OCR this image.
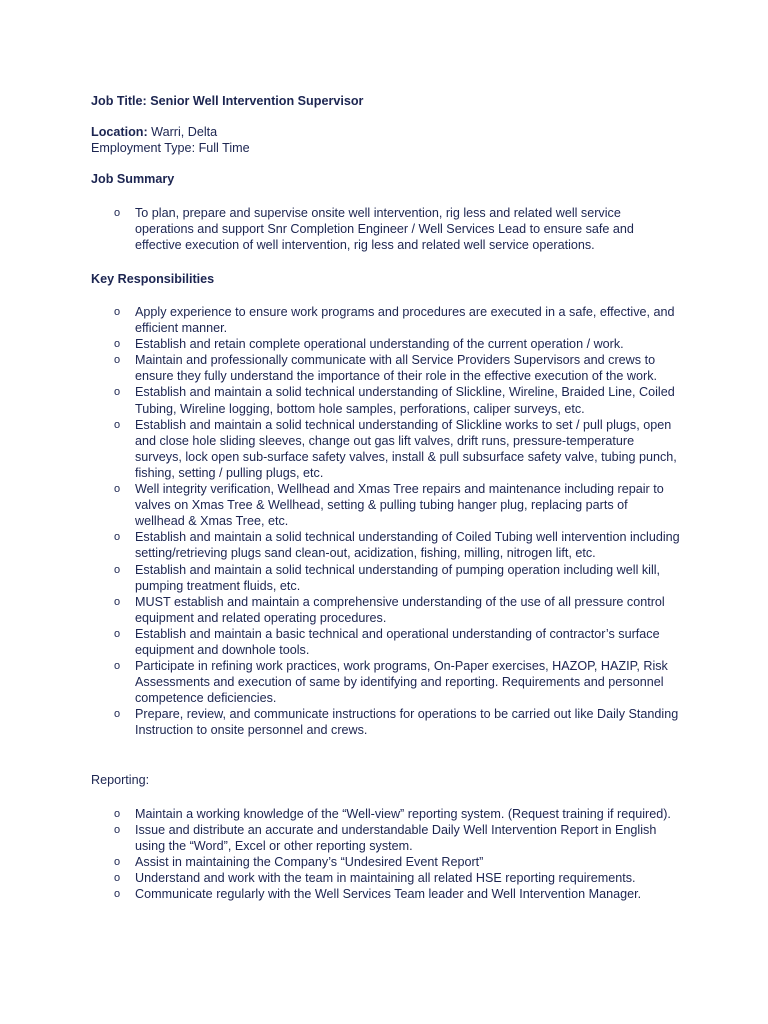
Job Title: Senior Well Intervention Supervisor
Location: Warri, Delta
Employment Type: Full Time
Job Summary
o To plan, prepare and supervise onsite well intervention, rig less and related well service operations and support Snr Completion Engineer / Well Services Lead to ensure safe and effective execution of well intervention, rig less and related well service operations.
Key Responsibilities
o Apply experience to ensure work programs and procedures are executed in a safe, effective, and efficient manner.
o Establish and retain complete operational understanding of the current operation / work.
o Maintain and professionally communicate with all Service Providers Supervisors and crews to ensure they fully understand the importance of their role in the effective execution of the work.
o Establish and maintain a solid technical understanding of Slickline, Wireline, Braided Line, Coiled Tubing, Wireline logging, bottom hole samples, perforations, caliper surveys, etc.
o Establish and maintain a solid technical understanding of Slickline works to set / pull plugs, open and close hole sliding sleeves, change out gas lift valves, drift runs, pressure-temperature surveys, lock open sub-surface safety valves, install & pull subsurface safety valve, tubing punch, fishing, setting / pulling plugs, etc.
o Well integrity verification, Wellhead and Xmas Tree repairs and maintenance including repair to valves on Xmas Tree & Wellhead, setting & pulling tubing hanger plug, replacing parts of wellhead & Xmas Tree, etc.
o Establish and maintain a solid technical understanding of Coiled Tubing well intervention including setting/retrieving plugs sand clean-out, acidization, fishing, milling, nitrogen lift, etc.
o Establish and maintain a solid technical understanding of pumping operation including well kill, pumping treatment fluids, etc.
o MUST establish and maintain a comprehensive understanding of the use of all pressure control equipment and related operating procedures.
o Establish and maintain a basic technical and operational understanding of contractor’s surface equipment and downhole tools.
o Participate in refining work practices, work programs, On-Paper exercises, HAZOP, HAZIP, Risk Assessments and execution of same by identifying and reporting. Requirements and personnel competence deficiencies.
o Prepare, review, and communicate instructions for operations to be carried out like Daily Standing Instruction to onsite personnel and crews.
Reporting:
o Maintain a working knowledge of the “Well-view” reporting system. (Request training if required).
o Issue and distribute an accurate and understandable Daily Well Intervention Report in English using the “Word”, Excel or other reporting system.
o Assist in maintaining the Company’s “Undesired Event Report”
o Understand and work with the team in maintaining all related HSE reporting requirements.
o Communicate regularly with the Well Services Team leader and Well Intervention Manager.
